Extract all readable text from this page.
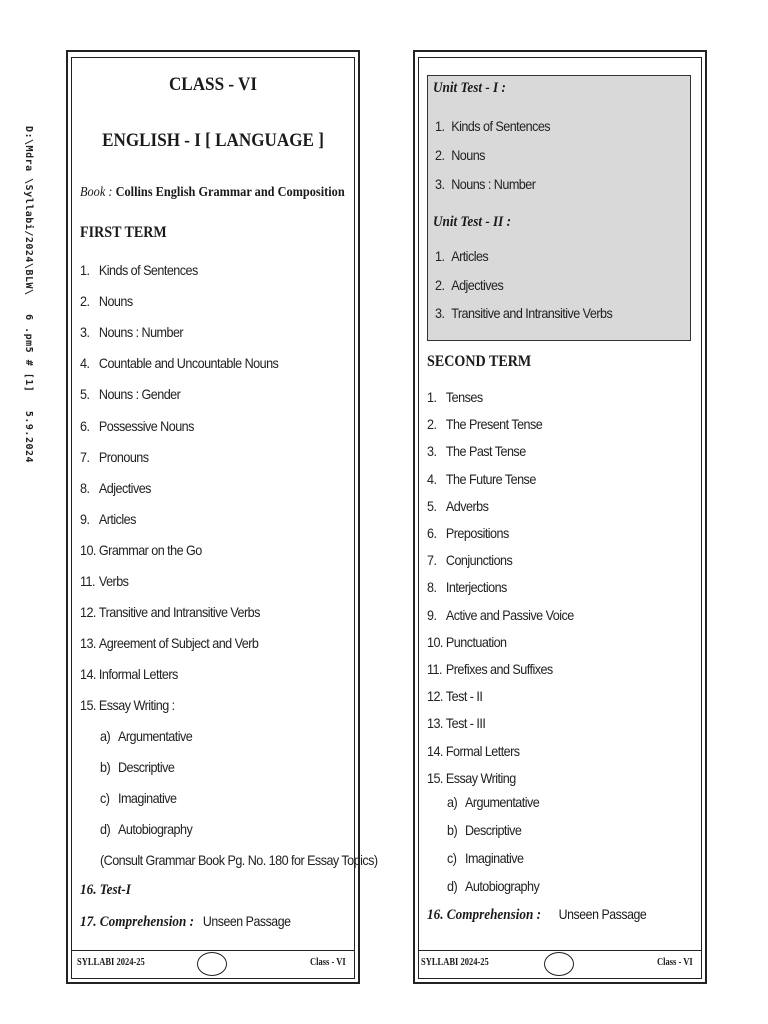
D:\Mdra \Syllabi/2024\BLW\ 6 .pm5 # [1] 5.9.2024
CLASS - VI
ENGLISH - I [ LANGUAGE ]
Book : Collins English Grammar and Composition
FIRST TERM
1. Kinds of Sentences
2. Nouns
3. Nouns : Number
4. Countable and Uncountable Nouns
5. Nouns : Gender
6. Possessive Nouns
7. Pronouns
8. Adjectives
9. Articles
10. Grammar on the Go
11. Verbs
12. Transitive and Intransitive Verbs
13. Agreement of Subject and Verb
14. Informal Letters
15. Essay Writing :
a) Argumentative
b) Descriptive
c) Imaginative
d) Autobiography
(Consult Grammar Book Pg. No. 180 for Essay Topics)
16. Test-I
17. Comprehension : Unseen Passage
SYLLABI 2024-25	Class - VI
Unit Test - I :
1. Kinds of Sentences
2. Nouns
3. Nouns : Number
Unit Test - II :
1. Articles
2. Adjectives
3. Transitive and Intransitive Verbs
SECOND TERM
1. Tenses
2. The Present Tense
3. The Past Tense
4. The Future Tense
5. Adverbs
6. Prepositions
7. Conjunctions
8. Interjections
9. Active and Passive Voice
10. Punctuation
11. Prefixes and Suffixes
12. Test - II
13. Test - III
14. Formal Letters
15. Essay Writing
a) Argumentative
b) Descriptive
c) Imaginative
d) Autobiography
16. Comprehension : Unseen Passage
SYLLABI 2024-25	Class - VI
